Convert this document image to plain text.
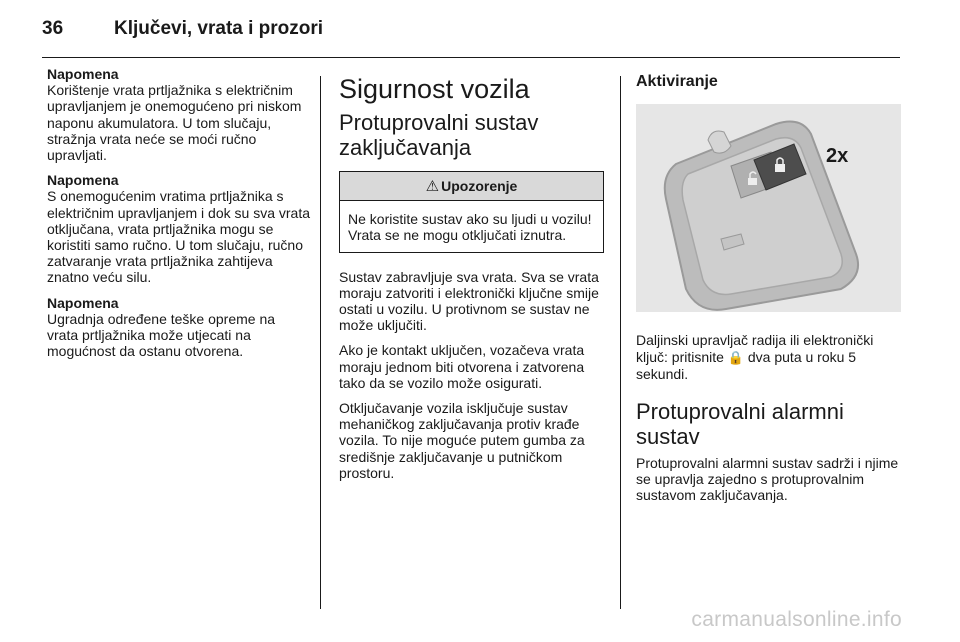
36	Ključevi, vrata i prozori
Napomena
Korištenje vrata prtljažnika s električnim upravljanjem je onemogućeno pri niskom naponu akumulatora. U tom slučaju, stražnja vrata neće se moći ručno upravljati.
Napomena
S onemogućenim vratima prtljažnika s električnim upravljanjem i dok su sva vrata otključana, vrata prtljažnika mogu se koristiti samo ručno. U tom slučaju, ručno zatvaranje vrata prtljažnika zahtijeva znatno veću silu.
Napomena
Ugradnja određene teške opreme na vrata prtljažnika može utjecati na mogućnost da ostanu otvorena.
Sigurnost vozila
Protuprovalni sustav zaključavanja
⚠ Upozorenje
Ne koristite sustav ako su ljudi u vozilu! Vrata se ne mogu otključati iznutra.

Sustav zabravljuje sva vrata. Sva se vrata moraju zatvoriti i elektronički ključne smije ostati u vozilu. U protivnom se sustav ne može uključiti.

Ako je kontakt uključen, vozačeva vrata moraju jednom biti otvorena i zatvorena tako da se vozilo može osigurati.

Otključavanje vozila isključuje sustav mehaničkog zaključavanja protiv krađe vozila. To nije moguće putem gumba za središnje zaključavanje u putničkom prostoru.

Aktiviranje
2x

Daljinski upravljač radija ili elektronički ključ: pritisnite 🔒 dva puta u roku 5 sekundi.

Protuprovalni alarmni sustav

Protuprovalni alarmni sustav sadrži i njime se upravlja zajedno s protuprovalnim sustavom zaključavanja.

carmanualsonline.info
